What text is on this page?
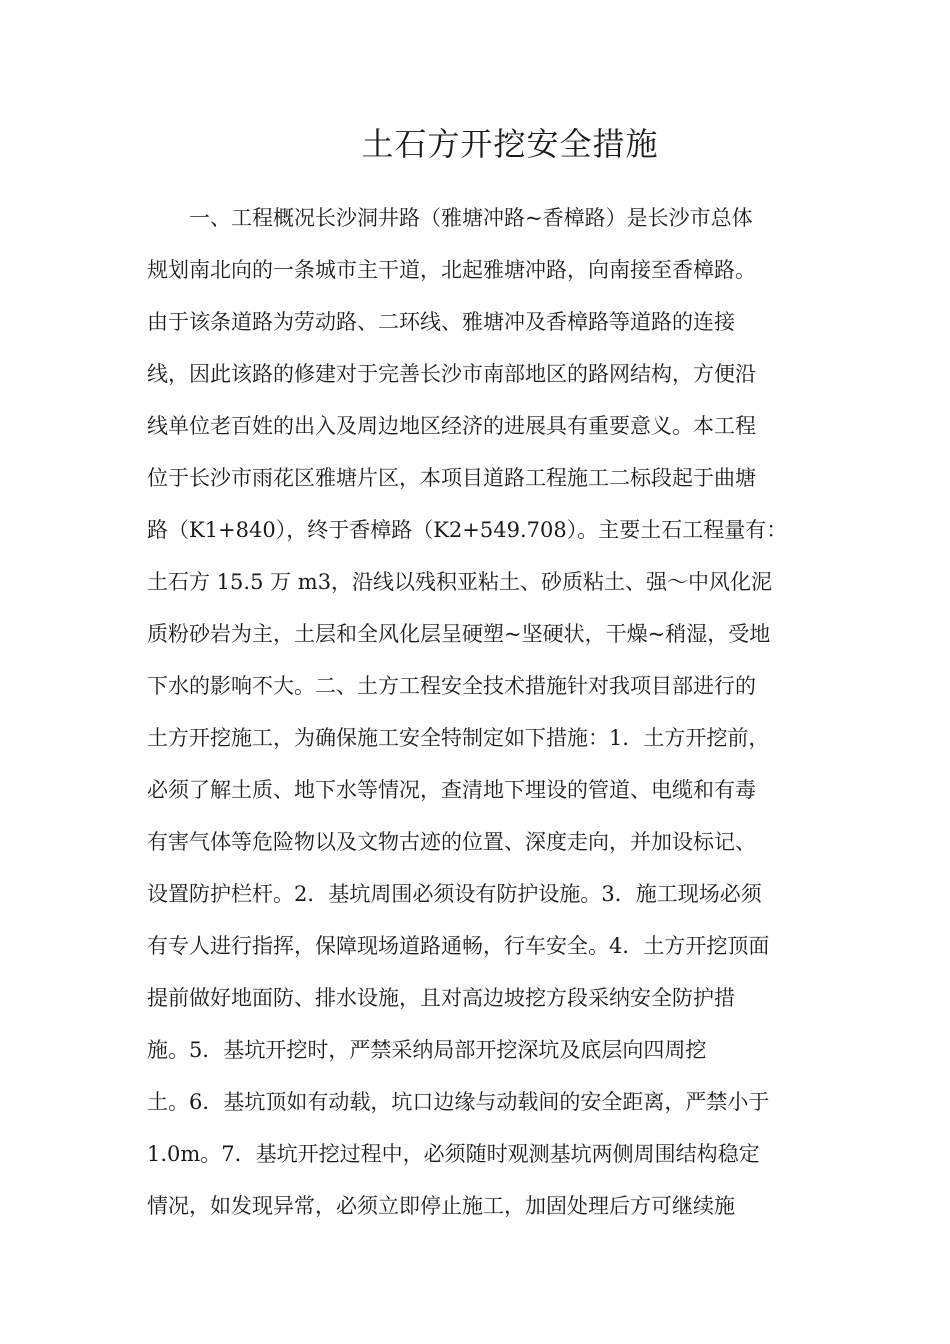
土石方开挖安全措施
一、工程概况长沙洞井路（雅塘冲路~香樟路）是长沙市总体
规划南北向的一条城市主干道，北起雅塘冲路，向南接至香樟路。
由于该条道路为劳动路、二环线、雅塘冲及香樟路等道路的连接
线，因此该路的修建对于完善长沙市南部地区的路网结构，方便沿
线单位老百姓的出入及周边地区经济的进展具有重要意义。本工程
位于长沙市雨花区雅塘片区，本项目道路工程施工二标段起于曲塘
路（K1+840），终于香樟路（K2+549.708）。主要土石工程量有：
土石方 15.5 万 m3，沿线以残积亚粘土、砂质粘土、强～中风化泥
质粉砂岩为主，土层和全风化层呈硬塑~坚硬状，干燥~稍湿，受地
下水的影响不大。二、土方工程安全技术措施针对我项目部进行的
土方开挖施工，为确保施工安全特制定如下措施：1．土方开挖前，
必须了解土质、地下水等情况，查清地下埋设的管道、电缆和有毒
有害气体等危险物以及文物古迹的位置、深度走向，并加设标记、
设置防护栏杆。2．基坑周围必须设有防护设施。3．施工现场必须
有专人进行指挥，保障现场道路通畅，行车安全。4．土方开挖顶面
提前做好地面防、排水设施，且对高边坡挖方段采纳安全防护措
施。5．基坑开挖时，严禁采纳局部开挖深坑及底层向四周挖
土。6．基坑顶如有动载，坑口边缘与动载间的安全距离，严禁小于
1.0m。7．基坑开挖过程中，必须随时观测基坑两侧周围结构稳定
情况，如发现异常，必须立即停止施工，加固处理后方可继续施
